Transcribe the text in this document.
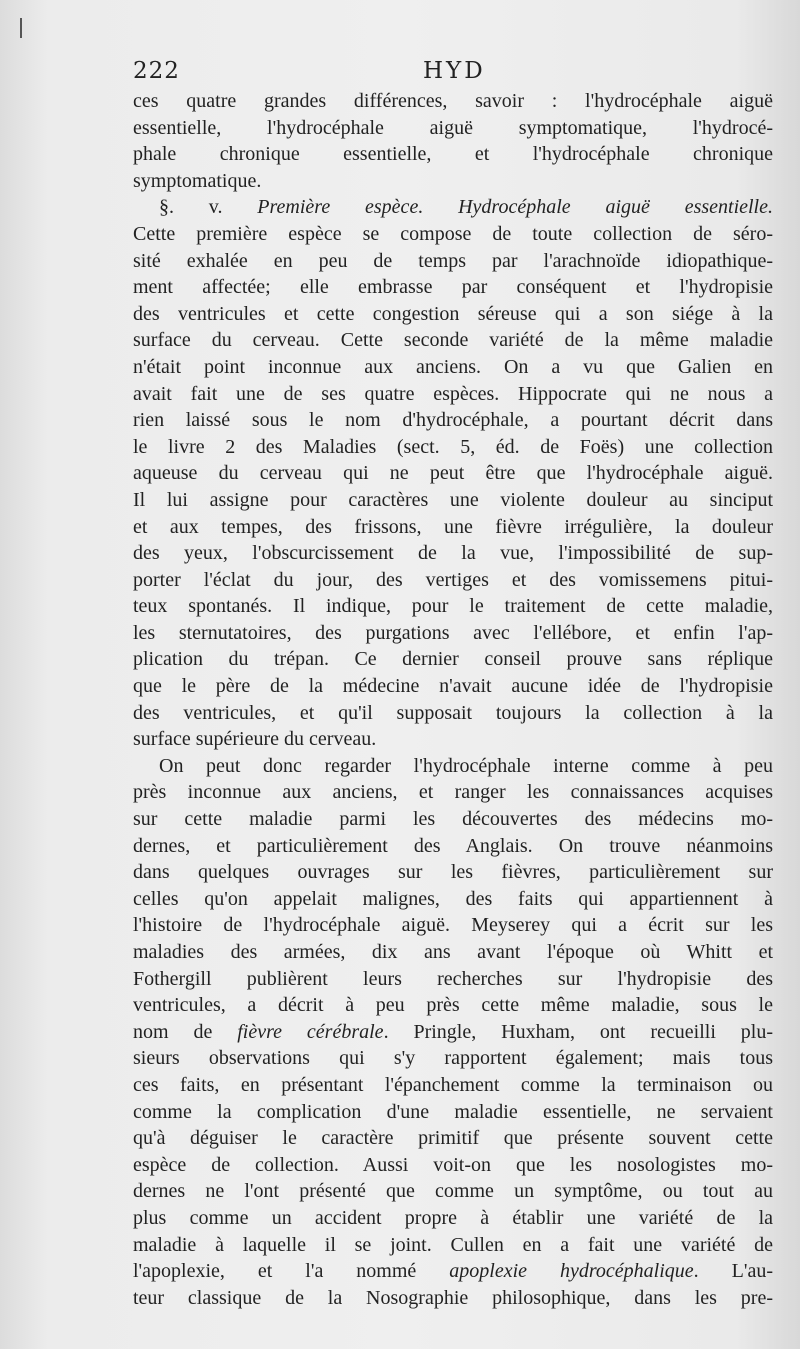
222	HYD
ces quatre grandes différences, savoir : l'hydrocéphale aiguë
essentielle, l'hydrocéphale aiguë symptomatique, l'hydrocé-
phale chronique essentielle, et l'hydrocéphale chronique
symptomatique.
§. v. Première espèce. Hydrocéphale aiguë essentielle.
Cette première espèce se compose de toute collection de séro-
sité exhalée en peu de temps par l'arachnoïde idiopathique-
ment affectée; elle embrasse par conséquent et l'hydropisie
des ventricules et cette congestion séreuse qui a son siége à la
surface du cerveau. Cette seconde variété de la même maladie
n'était point inconnue aux anciens. On a vu que Galien en
avait fait une de ses quatre espèces. Hippocrate qui ne nous a
rien laissé sous le nom d'hydrocéphale, a pourtant décrit dans
le livre 2 des Maladies (sect. 5, éd. de Foës) une collection
aqueuse du cerveau qui ne peut être que l'hydrocéphale aiguë.
Il lui assigne pour caractères une violente douleur au sinciput
et aux tempes, des frissons, une fièvre irrégulière, la douleur
des yeux, l'obscurcissement de la vue, l'impossibilité de sup-
porter l'éclat du jour, des vertiges et des vomissemens pitui-
teux spontanés. Il indique, pour le traitement de cette maladie,
les sternutatoires, des purgations avec l'ellébore, et enfin l'ap-
plication du trépan. Ce dernier conseil prouve sans réplique
que le père de la médecine n'avait aucune idée de l'hydropisie
des ventricules, et qu'il supposait toujours la collection à la
surface supérieure du cerveau.
On peut donc regarder l'hydrocéphale interne comme à peu
près inconnue aux anciens, et ranger les connaissances acquises
sur cette maladie parmi les découvertes des médecins mo-
dernes, et particulièrement des Anglais. On trouve néanmoins
dans quelques ouvrages sur les fièvres, particulièrement sur
celles qu'on appelait malignes, des faits qui appartiennent à
l'histoire de l'hydrocéphale aiguë. Meyserey qui a écrit sur les
maladies des armées, dix ans avant l'époque où Whitt et
Fothergill publièrent leurs recherches sur l'hydropisie des
ventricules, a décrit à peu près cette même maladie, sous le
nom de fièvre cérébrale. Pringle, Huxham, ont recueilli plu-
sieurs observations qui s'y rapportent également; mais tous
ces faits, en présentant l'épanchement comme la terminaison ou
comme la complication d'une maladie essentielle, ne servaient
qu'à déguiser le caractère primitif que présente souvent cette
espèce de collection. Aussi voit-on que les nosologistes mo-
dernes ne l'ont présenté que comme un symptôme, ou tout au
plus comme un accident propre à établir une variété de la
maladie à laquelle il se joint. Cullen en a fait une variété de
l'apoplexie, et l'a nommé apoplexie hydrocéphalique. L'au-
teur classique de la Nosographie philosophique, dans les pre-
